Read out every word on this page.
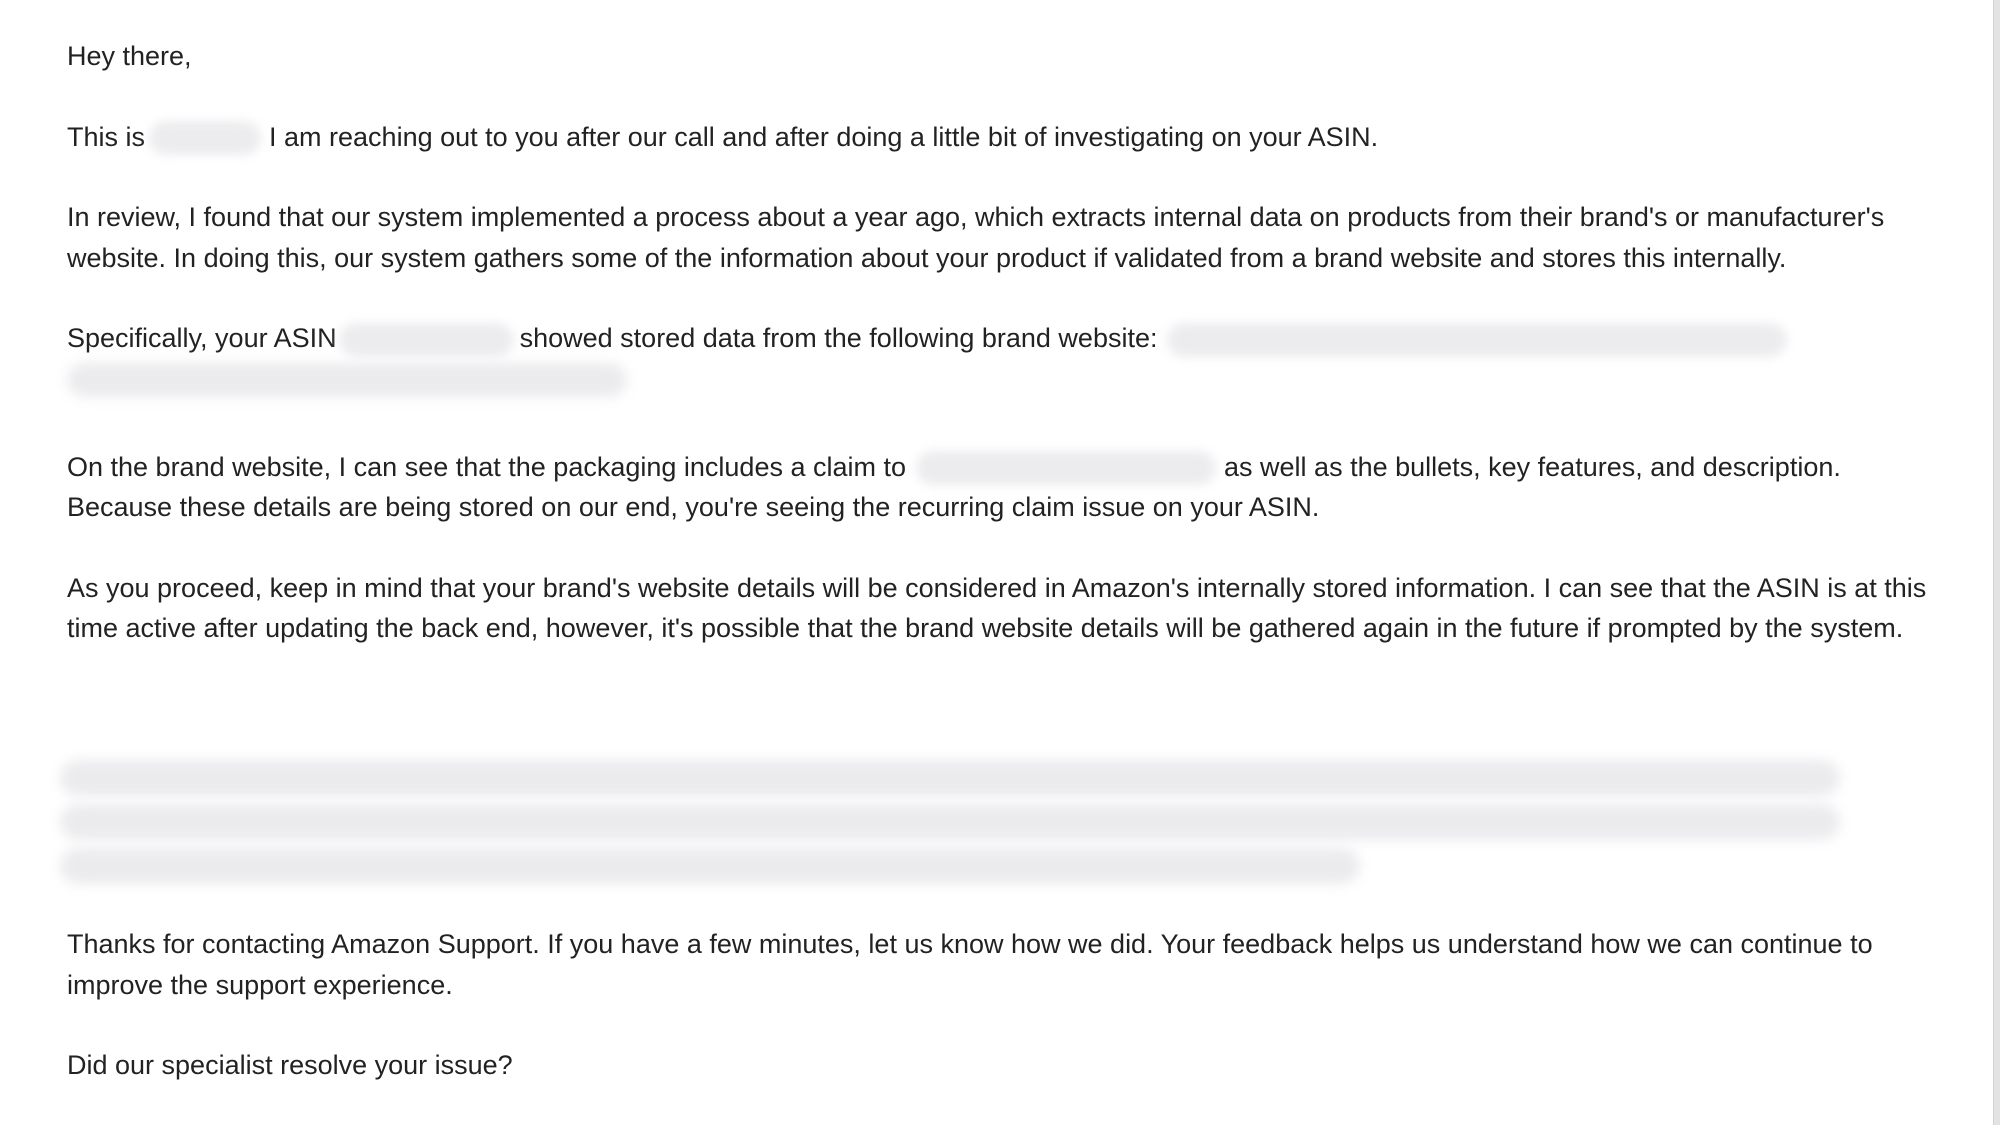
Hey there,

This is	I am reaching out to you after our call and after doing a little bit of investigating on your ASIN.

In review, I found that our system implemented a process about a year ago, which extracts internal data on products from their brand's or manufacturer's website. In doing this, our system gathers some of the information about your product if validated from a brand website and stores this internally.

Specifically, your ASIN	showed stored data from the following brand website:

On the brand website, I can see that the packaging includes a claim to	as well as the bullets, key features, and description. Because these details are being stored on our end, you're seeing the recurring claim issue on your ASIN.

As you proceed, keep in mind that your brand's website details will be considered in Amazon's internally stored information. I can see that the ASIN is at this time active after updating the back end, however, it's possible that the brand website details will be gathered again in the future if prompted by the system.

Thanks for contacting Amazon Support. If you have a few minutes, let us know how we did. Your feedback helps us understand how we can continue to improve the support experience.

Did our specialist resolve your issue?
